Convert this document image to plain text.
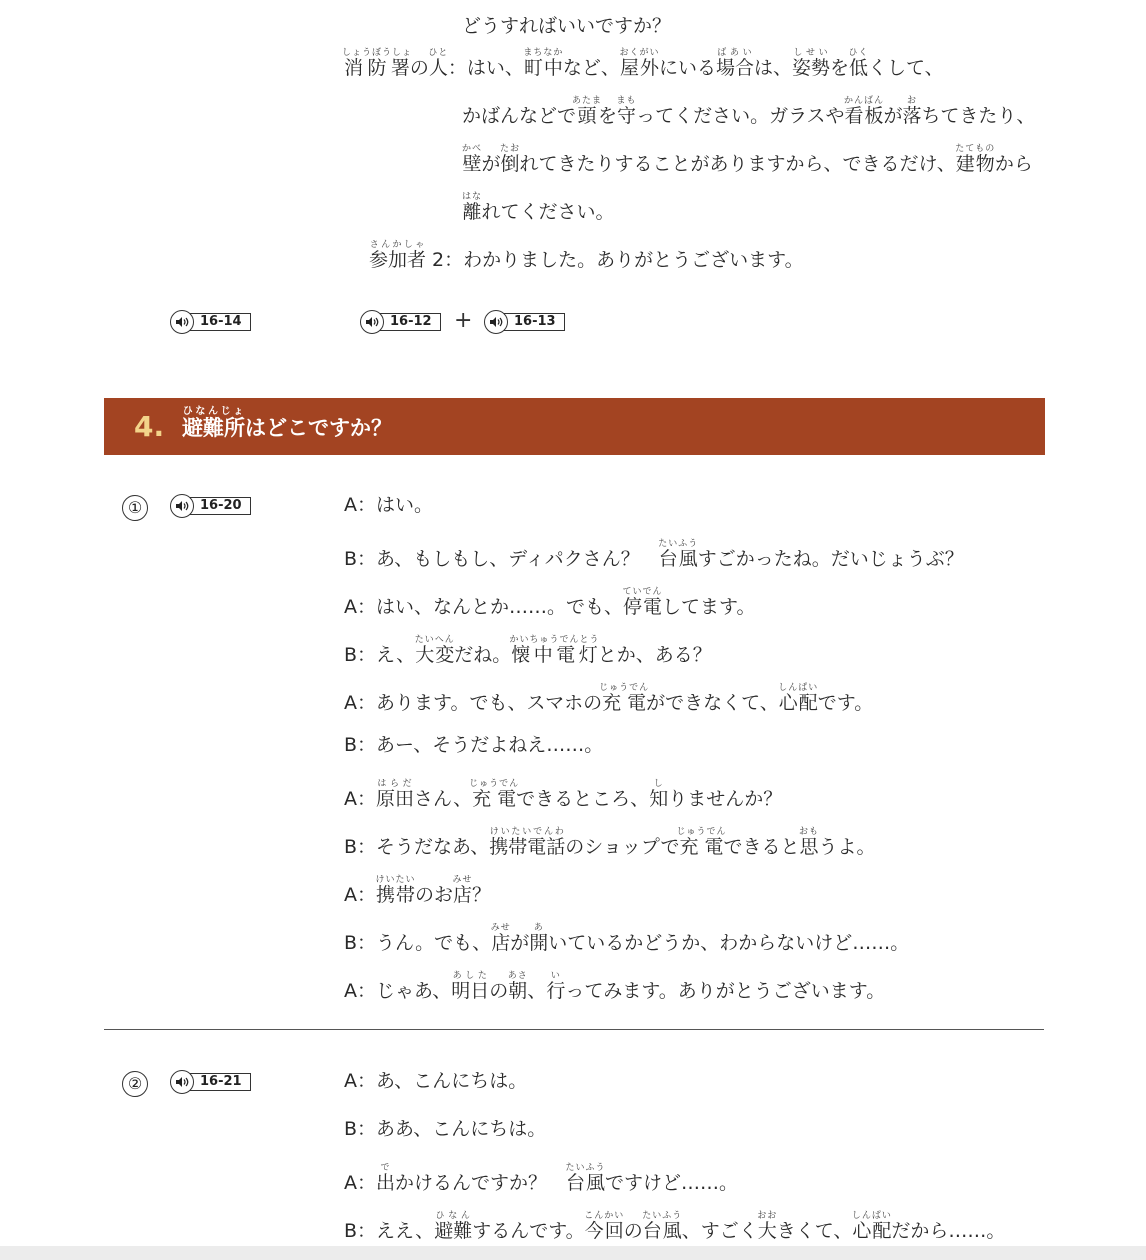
どうすればいいですか？
消防署しょうぼうしょの人ひと：はい、町中まちなかなど、屋外おくがいにいる場合ばあいは、姿勢しせいを低ひくくして、
かばんなどで頭あたまを守まもってください。ガラスや看板かんばんが落おちてきたり、
壁かべが倒たおれてきたりすることがありますから、できるだけ、建物たてものから
離はなれてください。
参加者さんかしゃ 2：わかりました。ありがとうございます。
16-14	16-12	+	16-13
4. 避難所ひなんじょはどこですか？
①	16-20	A：はい。
B：あ、もしもし、ディパクさん？　台風たいふうすごかったね。だいじょうぶ？
A：はい、なんとか……。でも、停電ていでんしてます。
B：え、大変たいへんだね。懐中電灯かいちゅうでんとうとか、ある？
A：あります。でも、スマホの充電じゅうでんができなくて、心配しんぱいです。
B：あー、そうだよねえ……。
A：原田はらださん、充電じゅうでんできるところ、知しりませんか？
B：そうだなあ、携帯電話けいたいでんわのショップで充電じゅうでんできると思おもうよ。
A：携帯けいたいのお店みせ？
B：うん。でも、店みせが開あいているかどうか、わからないけど……。
A：じゃあ、明日あしたの朝あさ、行いってみます。ありがとうございます。
②	16-21	A：あ、こんにちは。
B：ああ、こんにちは。
A：出でかけるんですか？　台風たいふうですけど……。
B：ええ、避難ひなんするんです。今回こんかいの台風たいふう、すごく大おおきくて、心配しんぱいだから……。
